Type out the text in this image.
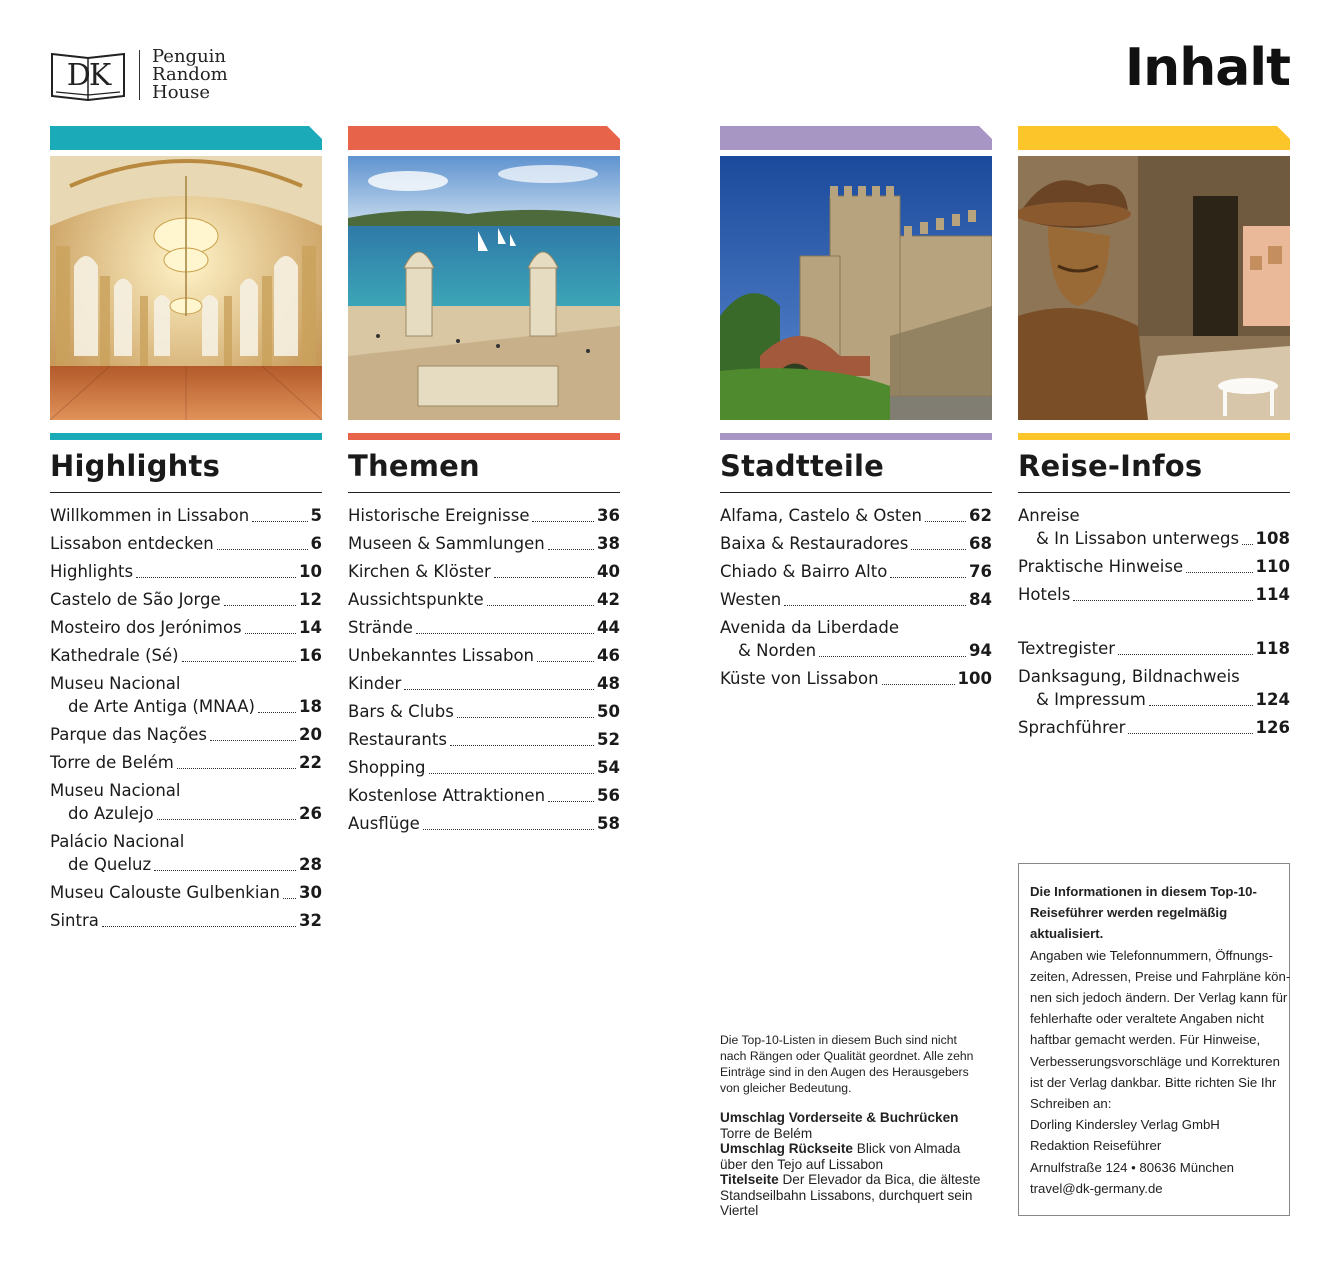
DK
Penguin
Random
House	Inhalt
Highlights
Willkommen in Lissabon	5
Lissabon entdecken	6
Highlights	10
Castelo de São Jorge	12
Mosteiro dos Jerónimos	14
Kathedrale (Sé)	16
Museu Nacional
de Arte Antiga (MNAA)	18
Parque das Nações	20
Torre de Belém	22
Museu Nacional
do Azulejo	26
Palácio Nacional
de Queluz	28
Museu Calouste Gulbenkian 30
Sintra	32
Themen
Historische Ereignisse	36
Museen & Sammlungen	38
Kirchen & Klöster	40
Aussichtspunkte	42
Strände	44
Unbekanntes Lissabon	46
Kinder	48
Bars & Clubs	50
Restaurants	52
Shopping	54
Kostenlose Attraktionen	56
Ausflüge	58
Stadtteile
Alfama, Castelo & Osten	62
Baixa & Restauradores	68
Chiado & Bairro Alto	76
Westen	84
Avenida da Liberdade
& Norden	94
Küste von Lissabon	100
Reise-Infos
Anreise
& In Lissabon unterwegs 108
Praktische Hinweise	110
Hotels	114
Textregister	118
Danksagung, Bildnachweis
& Impressum	124
Sprachführer	126

Die Top-10-Listen in diesem Buch sind nicht

nach Rängen oder Qualität geordnet. Alle zehn

Einträge sind in den Augen des Herausgebers

von gleicher Bedeutung.

Umschlag Vorderseite & Buchrücken
Torre de Belém
Umschlag Rückseite Blick von Almada
über den Tejo auf Lissabon
Titelseite Der Elevador da Bica, die älteste
Standseilbahn Lissabons, durchquert sein
Viertel
Die Informationen in diesem Top-10-
Reiseführer werden regelmäßig
aktualisiert.
Angaben wie Telefonnummern, Öffnungs-
zeiten, Adressen, Preise und Fahrpläne kön-
nen sich jedoch ändern. Der Verlag kann für
fehlerhafte oder veraltete Angaben nicht
haftbar gemacht werden. Für Hinweise,
Verbesserungsvorschläge und Korrekturen
ist der Verlag dankbar. Bitte richten Sie Ihr
Schreiben an:
Dorling Kindersley Verlag GmbH
Redaktion Reiseführer
Arnulfstraße 124 • 80636 München
travel@dk-germany.de
